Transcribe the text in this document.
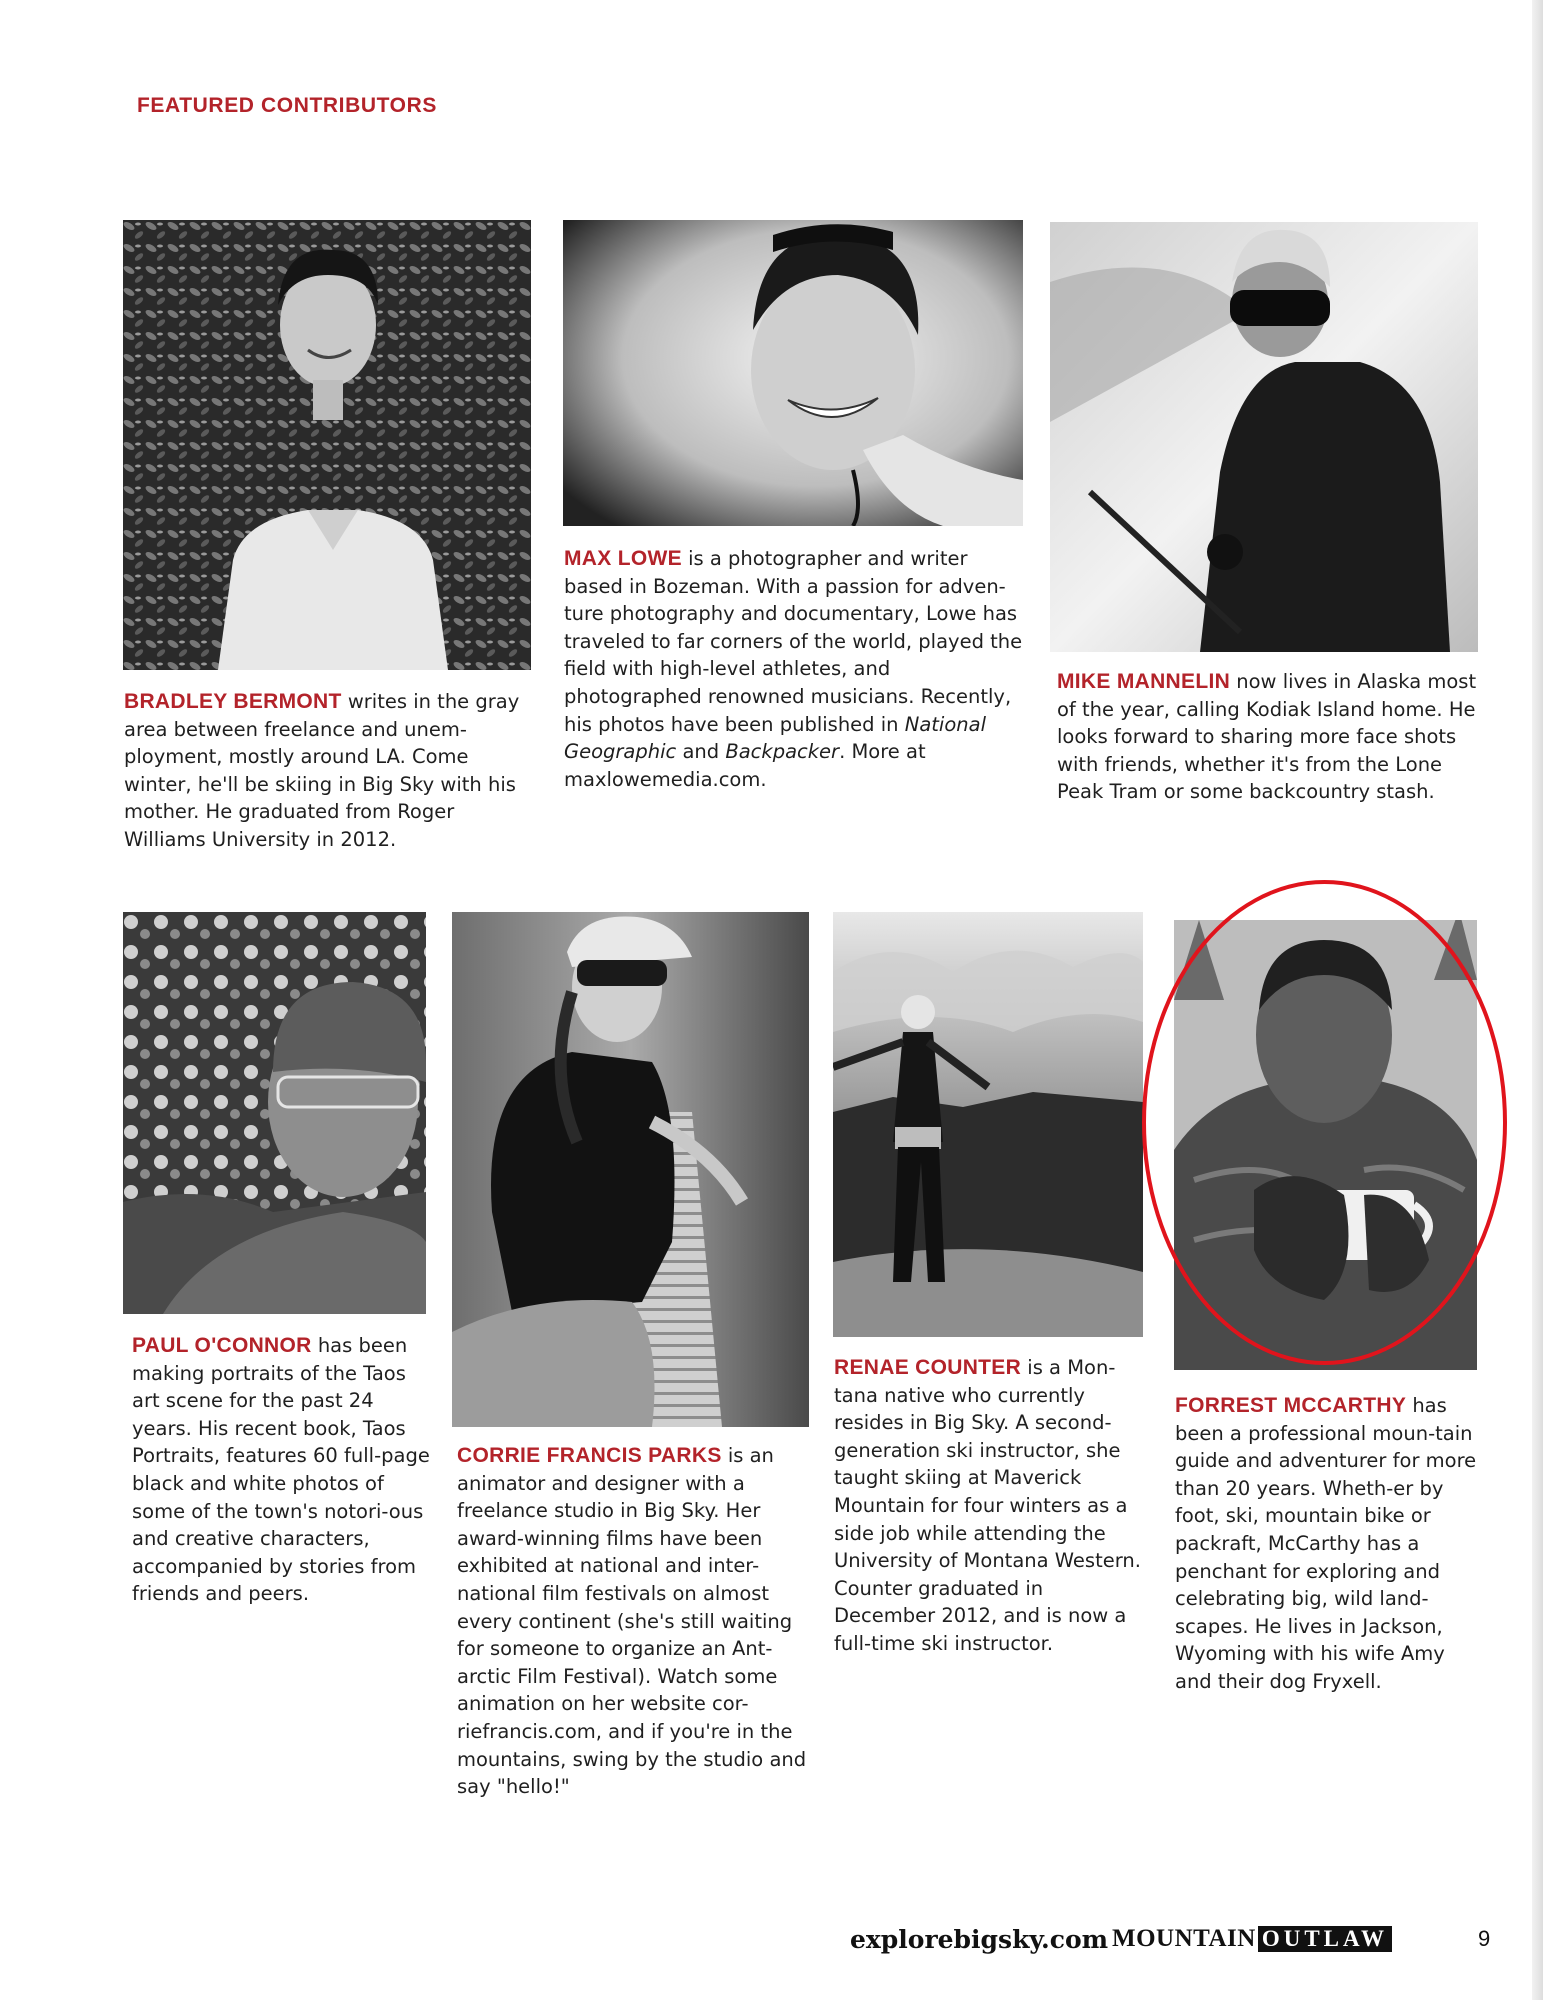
FEATURED CONTRIBUTORS
BRADLEY BERMONT writes in the gray area between freelance and unem-ployment, mostly around LA. Come winter, he'll be skiing in Big Sky with his mother. He graduated from Roger Williams University in 2012.
MAX LOWE is a photographer and writer based in Bozeman. With a passion for adven-ture photography and documentary, Lowe has traveled to far corners of the world, played the field with high-level athletes, and photographed renowned musicians. Recently, his photos have been published in National Geographic and Backpacker. More at maxlowemedia.com.
MIKE MANNELIN now lives in Alaska most of the year, calling Kodiak Island home. He looks forward to sharing more face shots with friends, whether it's from the Lone Peak Tram or some backcountry stash.
PAUL O'CONNOR has been making portraits of the Taos art scene for the past 24 years. His recent book, Taos Portraits, features 60 full-page black and white photos of some of the town's notori-ous and creative characters, accompanied by stories from friends and peers.
CORRIE FRANCIS PARKS is an animator and designer with a freelance studio in Big Sky. Her award-winning films have been exhibited at national and inter-national film festivals on almost every continent (she's still waiting for someone to organize an Ant-arctic Film Festival). Watch some animation on her website cor-riefrancis.com, and if you're in the mountains, swing by the studio and say "hello!"
RENAE COUNTER is a Mon-tana native who currently resides in Big Sky. A second-generation ski instructor, she taught skiing at Maverick Mountain for four winters as a side job while attending the University of Montana Western. Counter graduated in December 2012, and is now a full-time ski instructor.
FORREST MCCARTHY has been a professional moun-tain guide and adventurer for more than 20 years. Wheth-er by foot, ski, mountain bike or packraft, McCarthy has a penchant for exploring and celebrating big, wild land-scapes. He lives in Jackson, Wyoming with his wife Amy and their dog Fryxell.
explorebigsky.com MOUNTAIN OUTLAW	9
